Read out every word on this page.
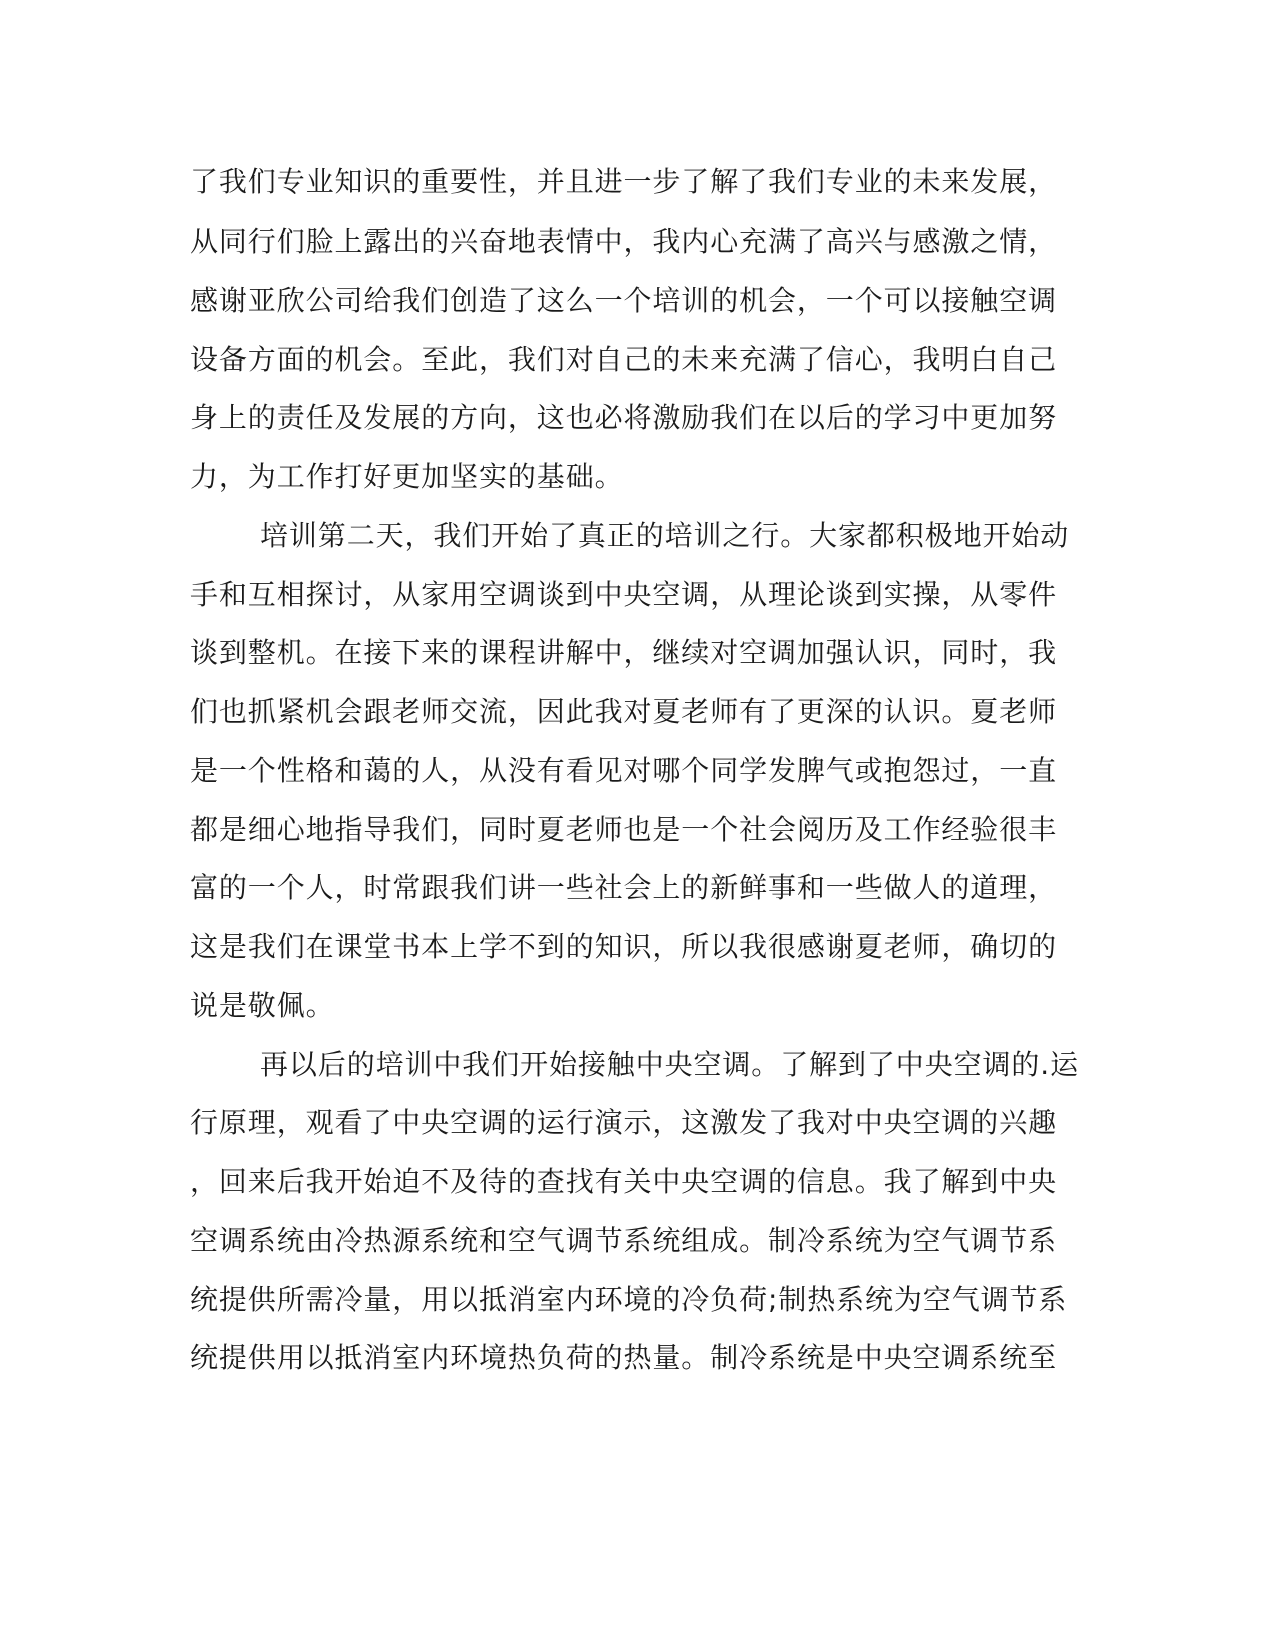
了我们专业知识的重要性，并且进一步了解了我们专业的未来发展，
从同行们脸上露出的兴奋地表情中，我内心充满了高兴与感激之情，
感谢亚欣公司给我们创造了这么一个培训的机会，一个可以接触空调
设备方面的机会。至此，我们对自己的未来充满了信心，我明白自己
身上的责任及发展的方向，这也必将激励我们在以后的学习中更加努
力，为工作打好更加坚实的基础。
培训第二天，我们开始了真正的培训之行。大家都积极地开始动
手和互相探讨，从家用空调谈到中央空调，从理论谈到实操，从零件
谈到整机。在接下来的课程讲解中，继续对空调加强认识，同时，我
们也抓紧机会跟老师交流，因此我对夏老师有了更深的认识。夏老师
是一个性格和蔼的人，从没有看见对哪个同学发脾气或抱怨过，一直
都是细心地指导我们，同时夏老师也是一个社会阅历及工作经验很丰
富的一个人，时常跟我们讲一些社会上的新鲜事和一些做人的道理，
这是我们在课堂书本上学不到的知识，所以我很感谢夏老师，确切的
说是敬佩。
再以后的培训中我们开始接触中央空调。了解到了中央空调的.运
行原理，观看了中央空调的运行演示，这激发了我对中央空调的兴趣
，回来后我开始迫不及待的查找有关中央空调的信息。我了解到中央
空调系统由冷热源系统和空气调节系统组成。制冷系统为空气调节系
统提供所需冷量，用以抵消室内环境的冷负荷;制热系统为空气调节系
统提供用以抵消室内环境热负荷的热量。制冷系统是中央空调系统至
